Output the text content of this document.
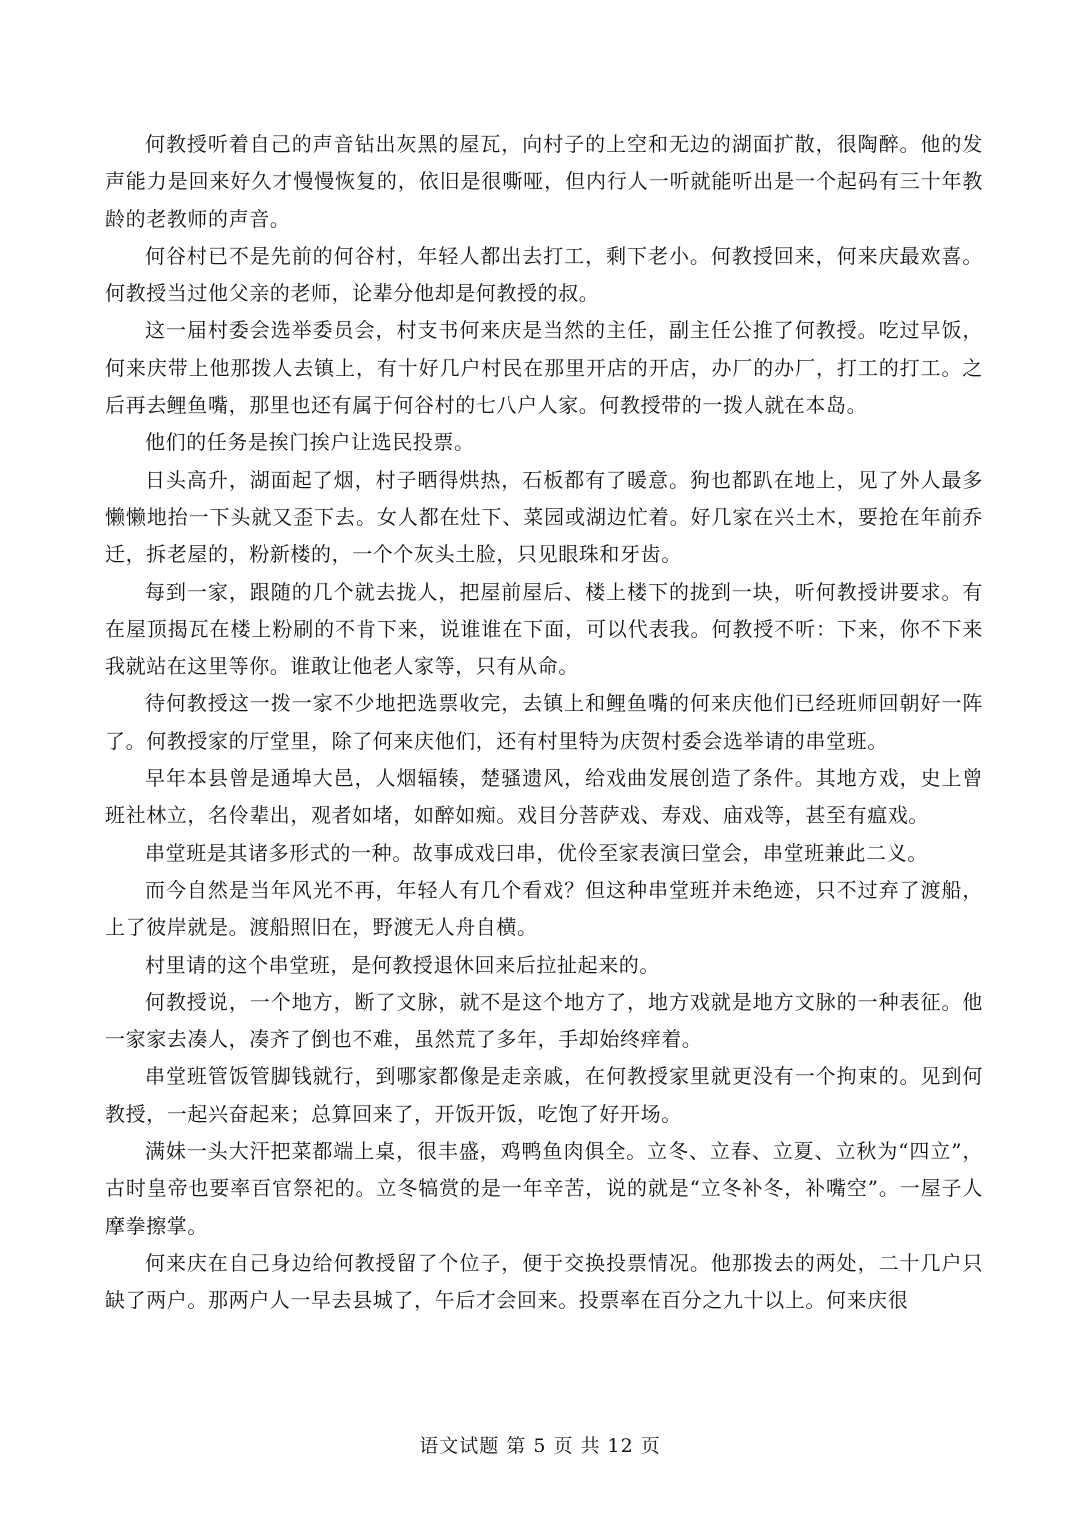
何教授听着自己的声音钻出灰黑的屋瓦，向村子的上空和无边的湖面扩散，很陶醉。他的发声能力是回来好久才慢慢恢复的，依旧是很嘶哑，但内行人一听就能听出是一个起码有三十年教龄的老教师的声音。

何谷村已不是先前的何谷村，年轻人都出去打工，剩下老小。何教授回来，何来庆最欢喜。何教授当过他父亲的老师，论辈分他却是何教授的叔。

这一届村委会选举委员会，村支书何来庆是当然的主任，副主任公推了何教授。吃过早饭，何来庆带上他那拨人去镇上，有十好几户村民在那里开店的开店，办厂的办厂，打工的打工。之后再去鲤鱼嘴，那里也还有属于何谷村的七八户人家。何教授带的一拨人就在本岛。

他们的任务是挨门挨户让选民投票。

日头高升，湖面起了烟，村子晒得烘热，石板都有了暖意。狗也都趴在地上，见了外人最多懒懒地抬一下头就又歪下去。女人都在灶下、菜园或湖边忙着。好几家在兴土木，要抢在年前乔迁，拆老屋的，粉新楼的，一个个灰头土脸，只见眼珠和牙齿。

每到一家，跟随的几个就去拢人，把屋前屋后、楼上楼下的拢到一块，听何教授讲要求。有在屋顶揭瓦在楼上粉刷的不肯下来，说谁谁在下面，可以代表我。何教授不听：下来，你不下来我就站在这里等你。谁敢让他老人家等，只有从命。

待何教授这一拨一家不少地把选票收完，去镇上和鲤鱼嘴的何来庆他们已经班师回朝好一阵了。何教授家的厅堂里，除了何来庆他们，还有村里特为庆贺村委会选举请的串堂班。

早年本县曾是通埠大邑，人烟辐辏，楚骚遗风，给戏曲发展创造了条件。其地方戏，史上曾班社林立，名伶辈出，观者如堵，如醉如痴。戏目分菩萨戏、寿戏、庙戏等，甚至有瘟戏。

串堂班是其诸多形式的一种。故事成戏曰串，优伶至家表演曰堂会，串堂班兼此二义。

而今自然是当年风光不再，年轻人有几个看戏？但这种串堂班并未绝迹，只不过弃了渡船，上了彼岸就是。渡船照旧在，野渡无人舟自横。

村里请的这个串堂班，是何教授退休回来后拉扯起来的。

何教授说，一个地方，断了文脉，就不是这个地方了，地方戏就是地方文脉的一种表征。他一家家去凑人，凑齐了倒也不难，虽然荒了多年，手却始终痒着。

串堂班管饭管脚钱就行，到哪家都像是走亲戚，在何教授家里就更没有一个拘束的。见到何教授，一起兴奋起来；总算回来了，开饭开饭，吃饱了好开场。

满妹一头大汗把菜都端上桌，很丰盛，鸡鸭鱼肉俱全。立冬、立春、立夏、立秋为“四立”，古时皇帝也要率百官祭祀的。立冬犒赏的是一年辛苦，说的就是“立冬补冬，补嘴空”。一屋子人摩拳擦掌。

何来庆在自己身边给何教授留了个位子，便于交换投票情况。他那拨去的两处，二十几户只缺了两户。那两户人一早去县城了，午后才会回来。投票率在百分之九十以上。何来庆很

语文试题 第 5 页 共 12 页
